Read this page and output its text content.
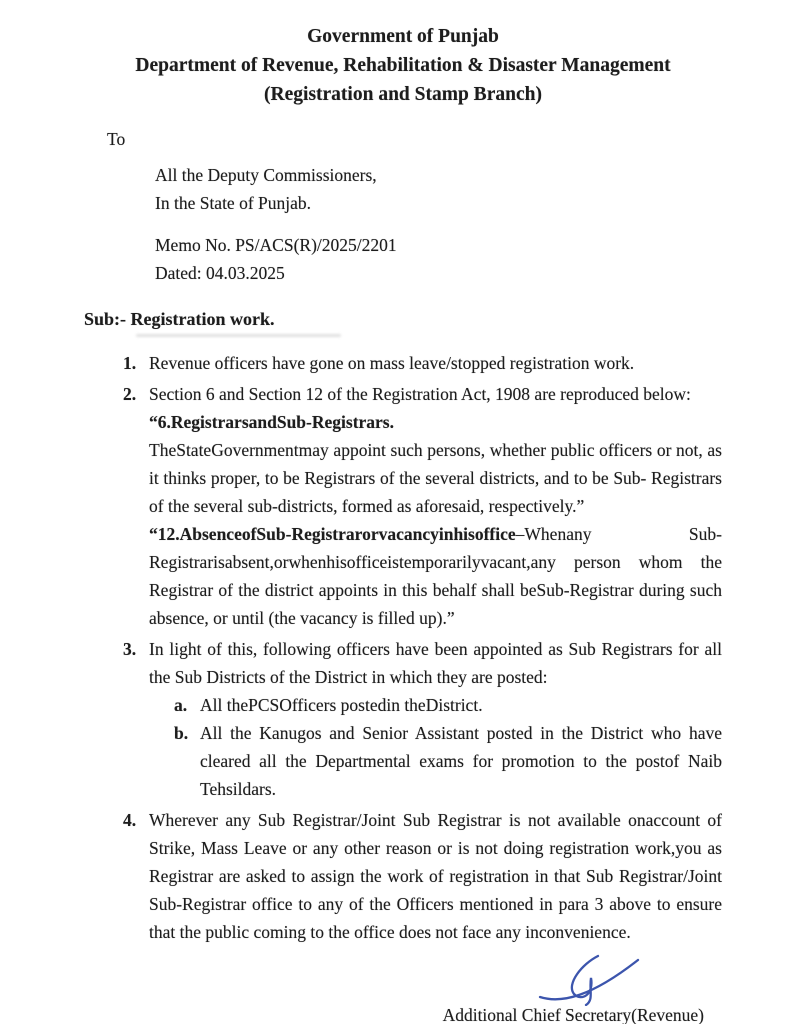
Government of Punjab
Department of Revenue, Rehabilitation & Disaster Management
(Registration and Stamp Branch)
To
All the Deputy Commissioners,
In the State of Punjab.
Memo No. PS/ACS(R)/2025/2201
Dated: 04.03.2025
Sub:- Registration work.
1. Revenue officers have gone on mass leave/stopped registration work.
2. Section 6 and Section 12 of the Registration Act, 1908 are reproduced below:
“6.RegistrarsandSub-Registrars.
TheStateGovernmentmay appoint such persons, whether public officers or not, as it thinks proper, to be Registrars of the several districts, and to be Sub- Registrars of the several sub-districts, formed as aforesaid, respectively.”
“12.AbsenceofSub-Registrarorvacancyinhisoffice–Whenany Sub-Registrarisabsent,orwhenhisofficeistemporarilyvacant,any person whom the Registrar of the district appoints in this behalf shall beSub-Registrar during such absence, or until (the vacancy is filled up).”
3. In light of this, following officers have been appointed as Sub Registrars for all the Sub Districts of the District in which they are posted:
a. All thePCSOfficers postedin theDistrict.
b. All the Kanugos and Senior Assistant posted in the District who have cleared all the Departmental exams for promotion to the postof Naib Tehsildars.
4. Wherever any Sub Registrar/Joint Sub Registrar is not available onaccount of Strike, Mass Leave or any other reason or is not doing registration work,you as Registrar are asked to assign the work of registration in that Sub Registrar/Joint Sub-Registrar office to any of the Officers mentioned in para 3 above to ensure that the public coming to the office does not face any inconvenience.
Additional Chief Secretary(Revenue)
